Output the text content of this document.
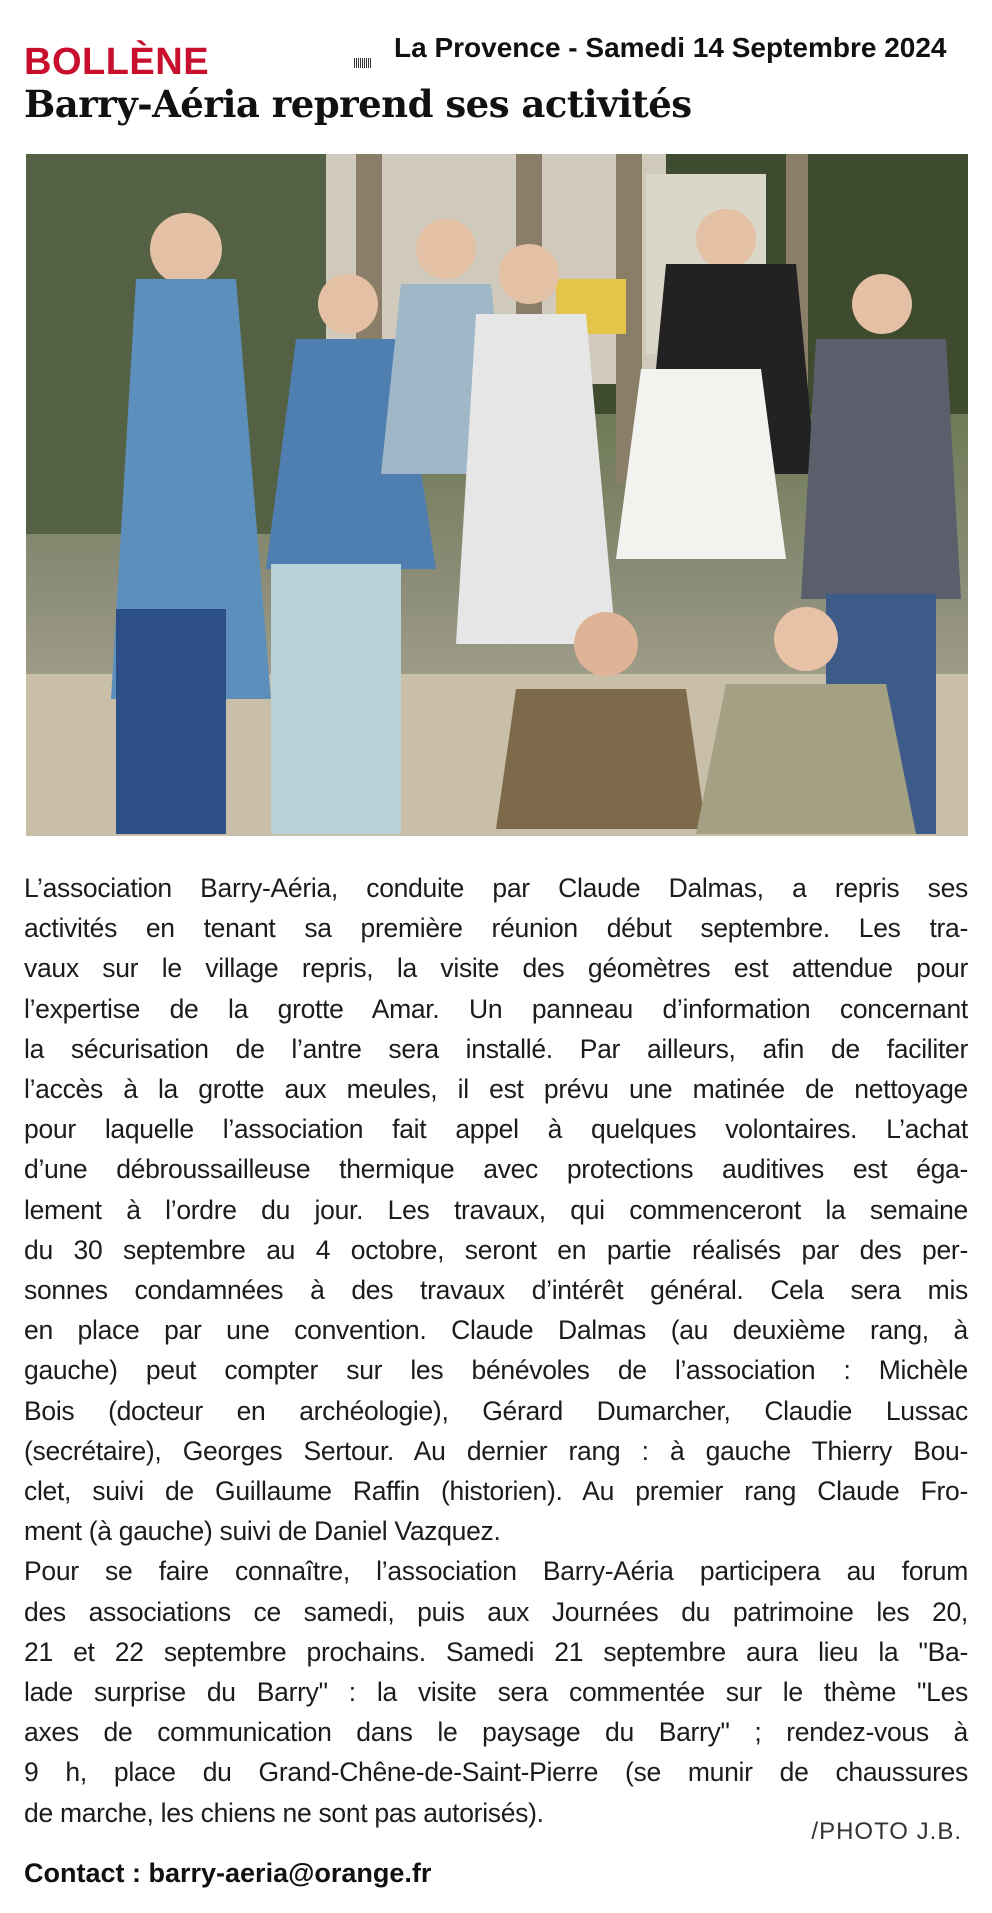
BOLLÈNE	La Provence - Samedi 14 Septembre 2024
Barry-Aéria reprend ses activités
L’association Barry-Aéria, conduite par Claude Dalmas, a repris ses
activités en tenant sa première réunion début septembre. Les tra-
vaux sur le village repris, la visite des géomètres est attendue pour
l’expertise de la grotte Amar. Un panneau d’information concernant
la sécurisation de l’antre sera installé. Par ailleurs, afin de faciliter
l’accès à la grotte aux meules, il est prévu une matinée de nettoyage
pour laquelle l’association fait appel à quelques volontaires. L’achat
d’une débroussailleuse thermique avec protections auditives est éga-
lement à l’ordre du jour. Les travaux, qui commenceront la semaine
du 30 septembre au 4 octobre, seront en partie réalisés par des per-
sonnes condamnées à des travaux d’intérêt général. Cela sera mis
en place par une convention. Claude Dalmas (au deuxième rang, à
gauche) peut compter sur les bénévoles de l’association : Michèle
Bois (docteur en archéologie), Gérard Dumarcher, Claudie Lussac
(secrétaire), Georges Sertour. Au dernier rang : à gauche Thierry Bou-
clet, suivi de Guillaume Raffin (historien). Au premier rang Claude Fro-
ment (à gauche) suivi de Daniel Vazquez.
Pour se faire connaître, l’association Barry-Aéria participera au forum
des associations ce samedi, puis aux Journées du patrimoine les 20,
21 et 22 septembre prochains. Samedi 21 septembre aura lieu la "Ba-
lade surprise du Barry" : la visite sera commentée sur le thème "Les
axes de communication dans le paysage du Barry" ; rendez-vous à
9 h, place du Grand-Chêne-de-Saint-Pierre (se munir de chaussures
de marche, les chiens ne sont pas autorisés).
/PHOTO J.B.
Contact : barry-aeria@orange.fr
